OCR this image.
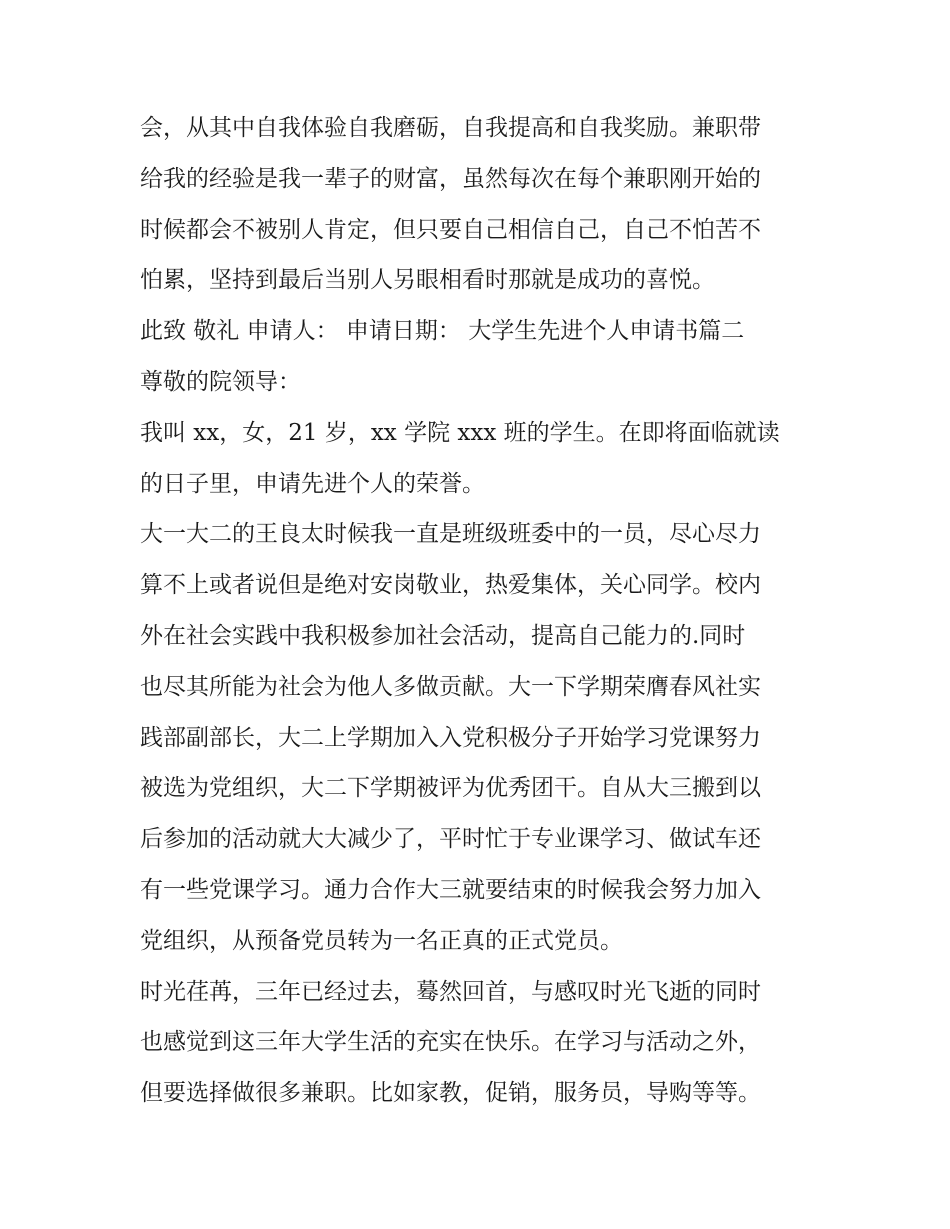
会，从其中自我体验自我磨砺，自我提高和自我奖励。兼职带
给我的经验是我一辈子的财富，虽然每次在每个兼职刚开始的
时候都会不被别人肯定，但只要自己相信自己，自己不怕苦不
怕累，坚持到最后当别人另眼相看时那就是成功的喜悦。
此致 敬礼 申请人： 申请日期： 大学生先进个人申请书篇二
尊敬的院领导：
我叫 xx，女，21 岁，xx 学院 xxx 班的学生。在即将面临就读
的日子里，申请先进个人的荣誉。
大一大二的王良太时候我一直是班级班委中的一员，尽心尽力
算不上或者说但是绝对安岗敬业，热爱集体，关心同学。校内
外在社会实践中我积极参加社会活动，提高自己能力的.同时
也尽其所能为社会为他人多做贡献。大一下学期荣膺春风社实
践部副部长，大二上学期加入入党积极分子开始学习党课努力
被选为党组织，大二下学期被评为优秀团干。自从大三搬到以
后参加的活动就大大减少了，平时忙于专业课学习、做试车还
有一些党课学习。通力合作大三就要结束的时候我会努力加入
党组织，从预备党员转为一名正真的正式党员。
时光荏苒，三年已经过去，蓦然回首，与感叹时光飞逝的同时
也感觉到这三年大学生活的充实在快乐。在学习与活动之外，
但要选择做很多兼职。比如家教，促销，服务员，导购等等。
